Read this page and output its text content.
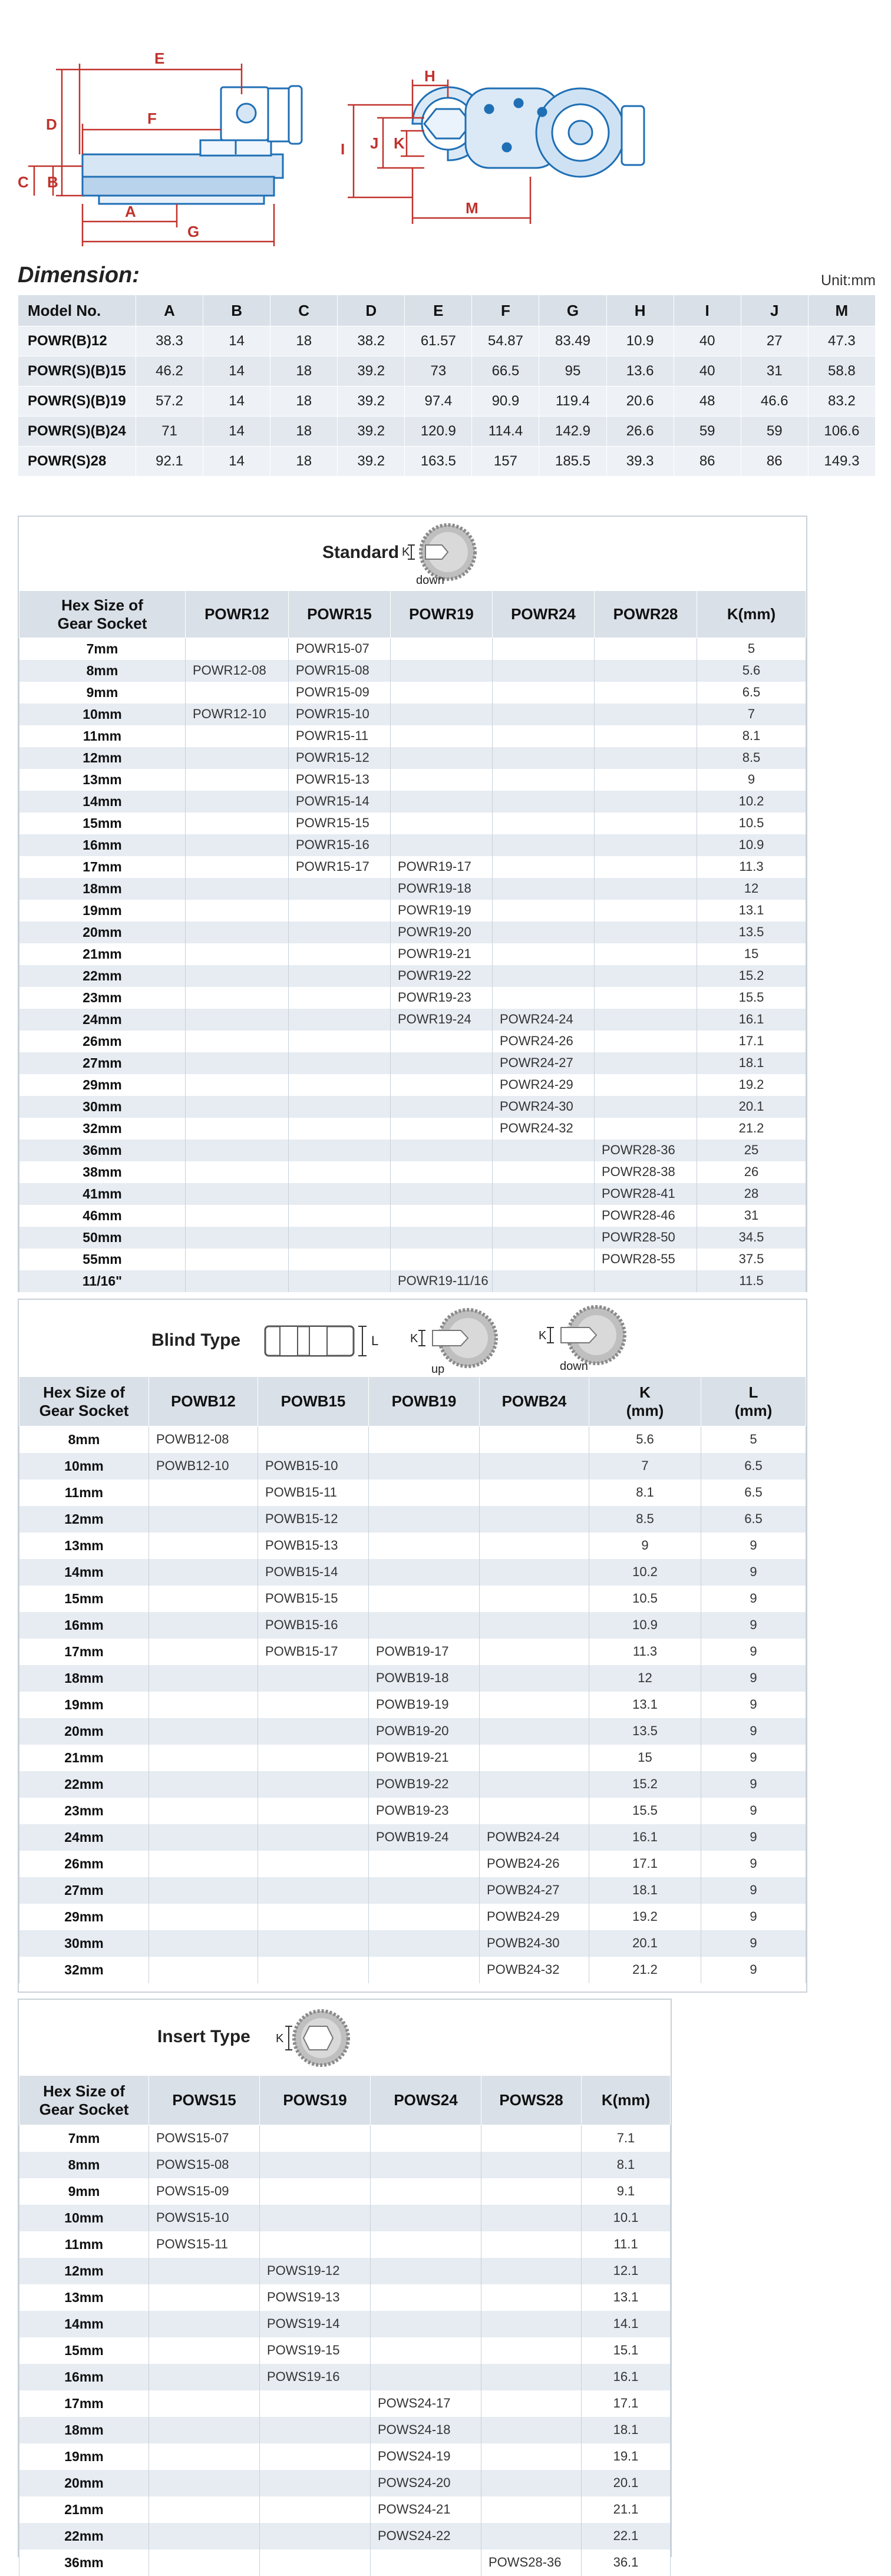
E
F
D
C B
A
G
H
I J K
M
Dimension:	Unit:mm
Model No.	A	B	C	D	E	F	G	H	I	J	M
POWR(B)12	38.3	14	18	38.2	61.57	54.87	83.49	10.9	40	27	47.3
POWR(S)(B)15	46.2	14	18	39.2	73	66.5	95	13.6	40	31	58.8
POWR(S)(B)19	57.2	14	18	39.2	97.4	90.9	119.4	20.6	48	46.6	83.2
POWR(S)(B)24	71	14	18	39.2	120.9	114.4	142.9	26.6	59	59	106.6
POWR(S)28	92.1	14	18	39.2	163.5	157	185.5	39.3	86	86	149.3
Standard K
down
Hex Size of
Gear Socket	POWR12	POWR15	POWR19	POWR24	POWR28	K(mm)
7mm		POWR15-07				5
8mm	POWR12-08	POWR15-08				5.6
9mm		POWR15-09				6.5
10mm	POWR12-10	POWR15-10				7
11mm		POWR15-11				8.1
12mm		POWR15-12				8.5
13mm		POWR15-13				9
14mm		POWR15-14				10.2
15mm		POWR15-15				10.5
16mm		POWR15-16				10.9
17mm		POWR15-17	POWR19-17			11.3
18mm			POWR19-18			12
19mm			POWR19-19			13.1
20mm			POWR19-20			13.5
21mm			POWR19-21			15
22mm			POWR19-22			15.2
23mm			POWR19-23			15.5
24mm			POWR19-24	POWR24-24		16.1
26mm				POWR24-26		17.1
27mm				POWR24-27		18.1
29mm				POWR24-29		19.2
30mm				POWR24-30		20.1
32mm				POWR24-32		21.2
36mm					POWR28-36	25
38mm					POWR28-38	26
41mm					POWR28-41	28
46mm					POWR28-46	31
50mm					POWR28-50	34.5
55mm					POWR28-55	37.5
11/16"			POWR19-11/16			11.5
Blind Type	L	K
up
K
down
Hex Size of
Gear Socket	POWB12	POWB15	POWB19	POWB24	K
(mm)	L
(mm)
8mm	POWB12-08				5.6	5
10mm	POWB12-10	POWB15-10			7	6.5
11mm		POWB15-11			8.1	6.5
12mm		POWB15-12			8.5	6.5
13mm		POWB15-13			9	9
14mm		POWB15-14			10.2	9
15mm		POWB15-15			10.5	9
16mm		POWB15-16			10.9	9
17mm		POWB15-17	POWB19-17		11.3	9
18mm			POWB19-18		12	9
19mm			POWB19-19		13.1	9
20mm			POWB19-20		13.5	9
21mm			POWB19-21		15	9
22mm			POWB19-22		15.2	9
23mm			POWB19-23		15.5	9
24mm			POWB19-24	POWB24-24	16.1	9
26mm				POWB24-26	17.1	9
27mm				POWB24-27	18.1	9
29mm				POWB24-29	19.2	9
30mm				POWB24-30	20.1	9
32mm				POWB24-32	21.2	9
Insert Type K
Hex Size of
Gear Socket	POWS15	POWS19	POWS24	POWS28	K(mm)
7mm	POWS15-07				7.1
8mm	POWS15-08				8.1
9mm	POWS15-09				9.1
10mm	POWS15-10				10.1
11mm	POWS15-11				11.1
12mm		POWS19-12			12.1
13mm		POWS19-13			13.1
14mm		POWS19-14			14.1
15mm		POWS19-15			15.1
16mm		POWS19-16			16.1
17mm			POWS24-17		17.1
18mm			POWS24-18		18.1
19mm			POWS24-19		19.1
20mm			POWS24-20		20.1
21mm			POWS24-21		21.1
22mm			POWS24-22		22.1
36mm				POWS28-36	36.1
